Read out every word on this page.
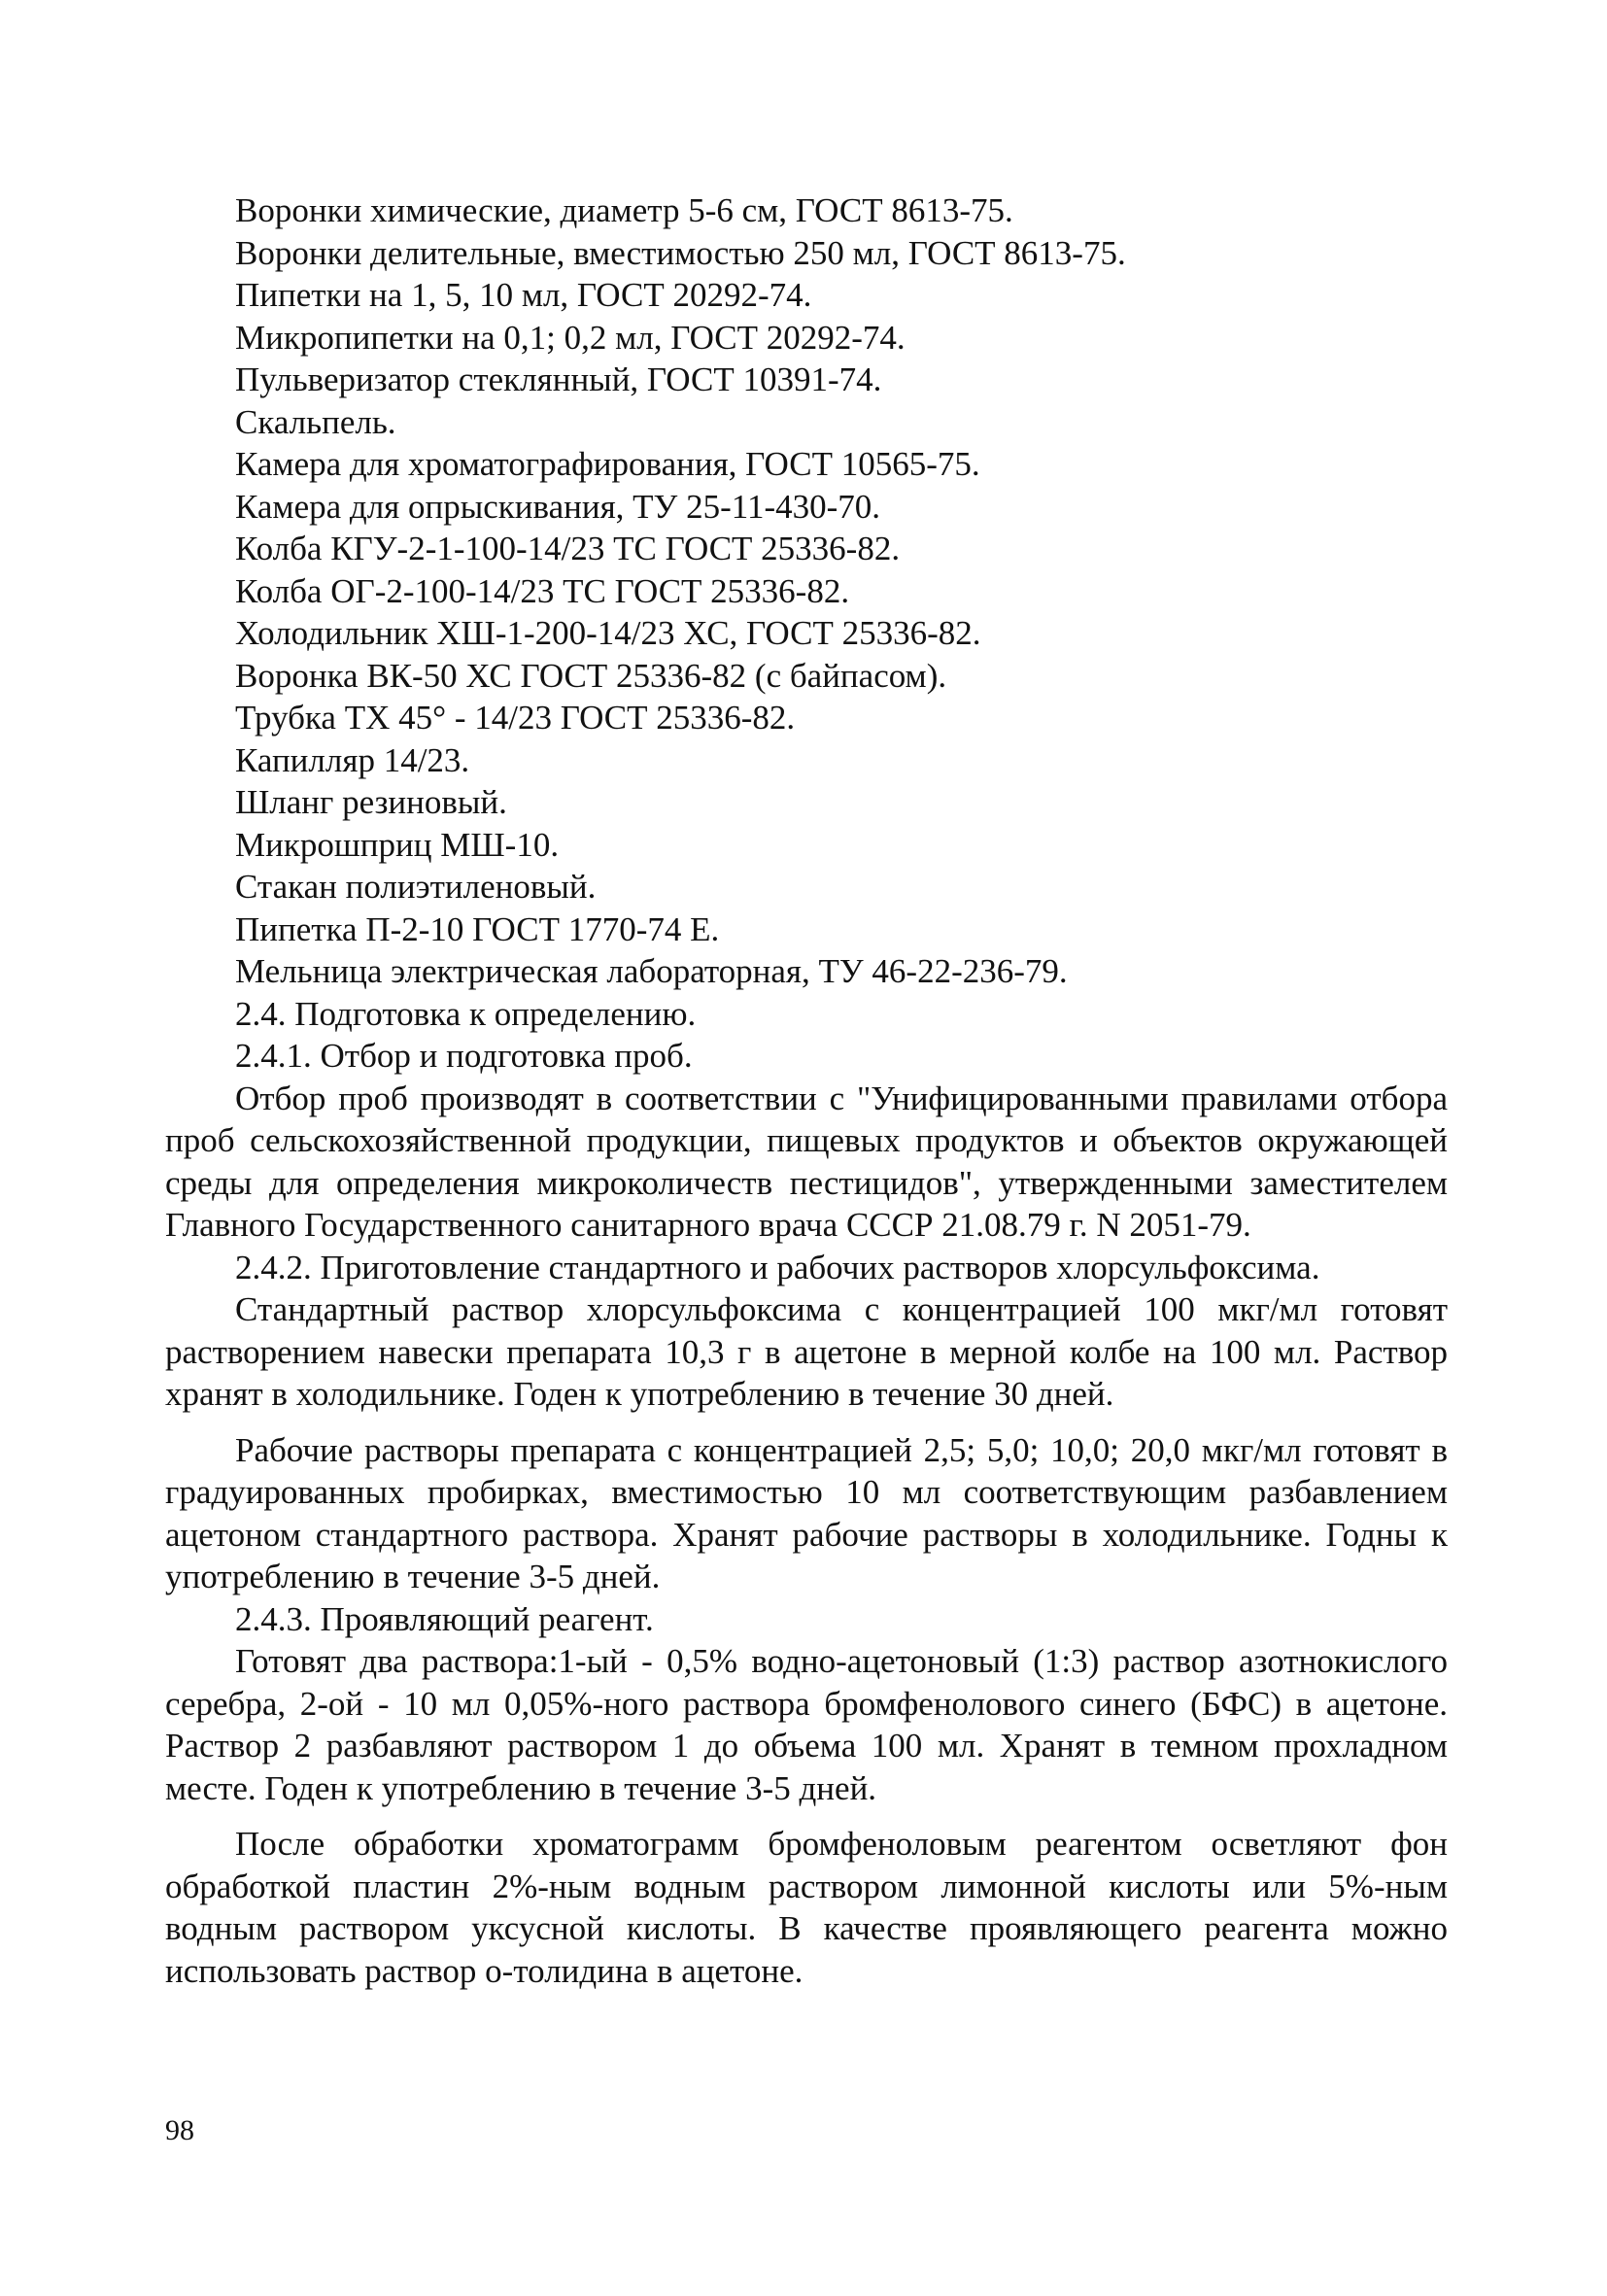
Воронки химические, диаметр 5-6 см, ГОСТ 8613-75.

Воронки делительные, вместимостью 250 мл, ГОСТ 8613-75.

Пипетки на 1, 5, 10 мл, ГОСТ 20292-74.

Микропипетки на 0,1; 0,2 мл, ГОСТ 20292-74.

Пульверизатор стеклянный, ГОСТ 10391-74.

Скальпель.

Камера для хроматографирования, ГОСТ 10565-75.

Камера для опрыскивания, ТУ 25-11-430-70.

Колба КГУ-2-1-100-14/23 ТС ГОСТ 25336-82.

Колба ОГ-2-100-14/23 ТС ГОСТ 25336-82.

Холодильник ХШ-1-200-14/23 ХС, ГОСТ 25336-82.

Воронка ВК-50 ХС ГОСТ 25336-82 (с байпасом).

Трубка ТХ 45° - 14/23 ГОСТ 25336-82.

Капилляр 14/23.

Шланг резиновый.

Микрошприц МШ-10.

Стакан полиэтиленовый.

Пипетка П-2-10 ГОСТ 1770-74 Е.

Мельница электрическая лабораторная, ТУ 46-22-236-79.

2.4. Подготовка к определению.

2.4.1. Отбор и подготовка проб.

Отбор проб производят в соответствии с "Унифицированными правилами отбора проб сельскохозяйственной продукции, пищевых продуктов и объектов окружающей среды для определения микроколичеств пестицидов", утвержденными заместителем Главного Государственного санитарного врача СССР 21.08.79 г. N 2051-79.

2.4.2. Приготовление стандартного и рабочих растворов хлорсульфоксима.

Стандартный раствор хлорсульфоксима с концентрацией 100 мкг/мл готовят растворением навески препарата 10,3 г в ацетоне в мерной колбе на 100 мл. Раствор хранят в холодильнике. Годен к употреблению в течение 30 дней.

Рабочие растворы препарата с концентрацией 2,5; 5,0; 10,0; 20,0 мкг/мл готовят в градуированных пробирках, вместимостью 10 мл соответствующим разбавлением ацетоном стандартного раствора. Хранят рабочие растворы в холодильнике. Годны к употреблению в течение 3-5 дней.

2.4.3. Проявляющий реагент.

Готовят два раствора:1-ый - 0,5% водно-ацетоновый (1:3) раствор азотнокислого серебра, 2-ой - 10 мл 0,05%-ного раствора бромфенолового синего (БФС) в ацетоне. Раствор 2 разбавляют раствором 1 до объема 100 мл. Хранят в темном прохладном месте. Годен к употреблению в течение 3-5 дней.

После обработки хроматограмм бромфеноловым реагентом осветляют фон обработкой пластин 2%-ным водным раствором лимонной кислоты или 5%-ным водным раствором уксусной кислоты. В качестве проявляющего реагента можно использовать раствор о-толидина в ацетоне.

98
